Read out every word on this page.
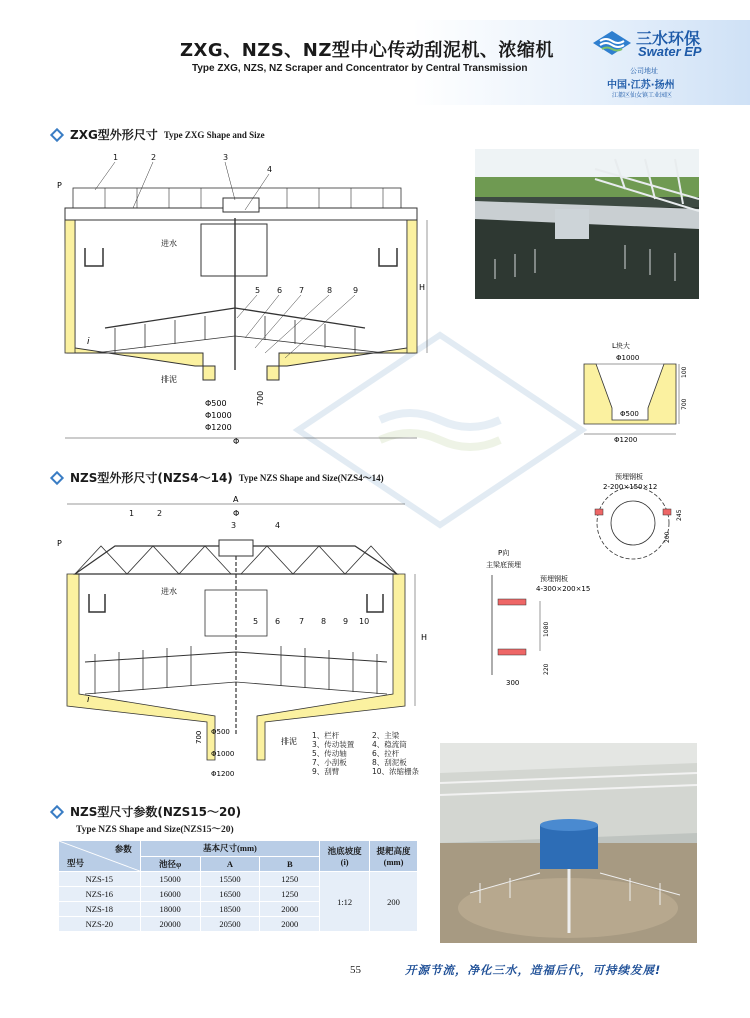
ZXG、NZS、NZ型中心传动刮泥机、浓缩机
Type ZXG, NZS, NZ Scraper and Concentrator by Central Transmission
三水环保
Swater EP
公司地址
中国·江苏·扬州
江都区仙女镇工业园区
ZXG型外形尺寸 Type ZXG Shape and Size
1	2	3
4
5 6 7	8	9
进水
排泥
P
i
H
Φ500
Φ1000
Φ1200
700
Φ
L块大
Φ1000
Φ500
Φ1200
100
700
NZS型外形尺寸(NZS4～14) Type NZS Shape and Size(NZS4～14)
A
Φ
1	2
3	4
5 6 7 8 9 10
进水
排泥
P
i
H
Φ500
Φ1000
Φ1200
700
预埋钢板
2-200×150×12
245
200
P向
主梁底预埋
预埋钢板
4-300×200×15
1080
220
300
1、栏杆	2、主梁
3、传动装置	4、稳流筒
5、传动轴	6、拉杆
7、小刮板	8、刮泥板
9、刮臂	10、浓缩栅条
NZS型尺寸参数(NZS15～20)
Type NZS Shape and Size(NZS15～20)
参数
型号	基本尺寸(mm)			池底坡度
(i)	提耙高度
(mm)
	池径φ	A	B		
NZS-15	15000	15500	1250	1:12	200
NZS-16	16000	16500	1250		
NZS-18	18000	18500	2000		
NZS-20	20000	20500	2000		
55	开源节流，净化三水，造福后代，可持续发展!
